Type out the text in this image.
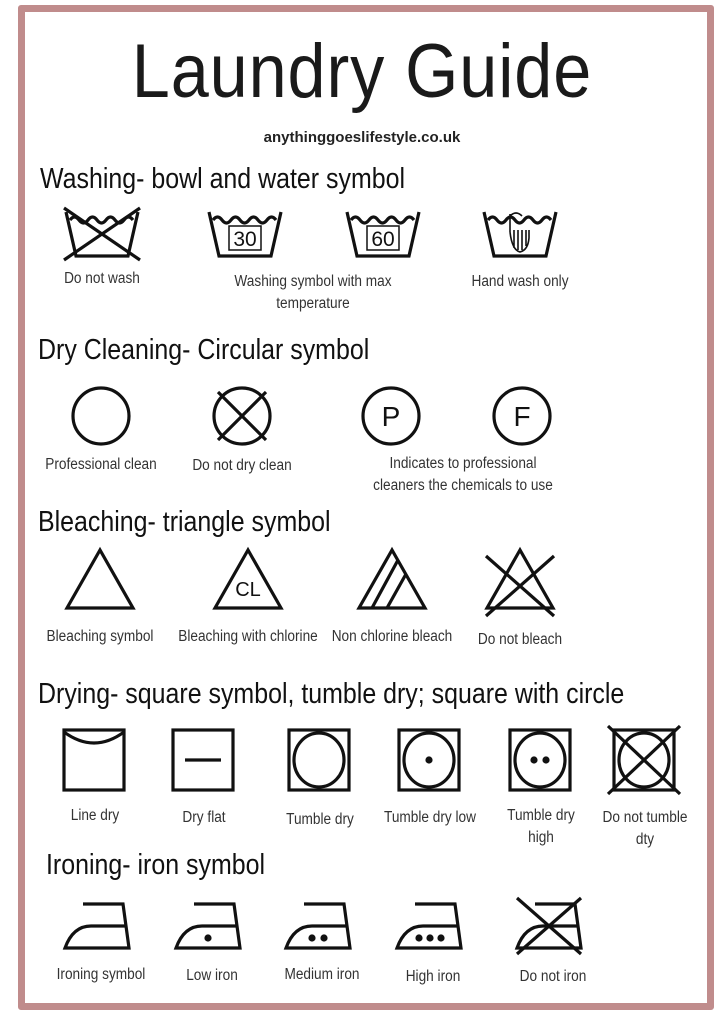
Laundry Guide
anythinggoeslifestyle.co.uk
Washing- bowl and water symbol
Dry Cleaning- Circular symbol
Bleaching- triangle symbol
Drying- square symbol, tumble dry; square with circle
Ironing- iron symbol
Do not wash
30	60
Hand wash only
Washing symbol with max temperature
Professional clean	Do not dry clean
P	F
Indicates to professional cleaners the chemicals to use
Bleaching symbol
CL
Bleaching with chlorine Non chlorine bleach	Do not bleach
Line dry	Dry flat	Tumble dry	Tumble dry low	Tumble dry high
Do not tumble dty
Ironing symbol	Low iron	Medium iron	High iron	Do not iron
